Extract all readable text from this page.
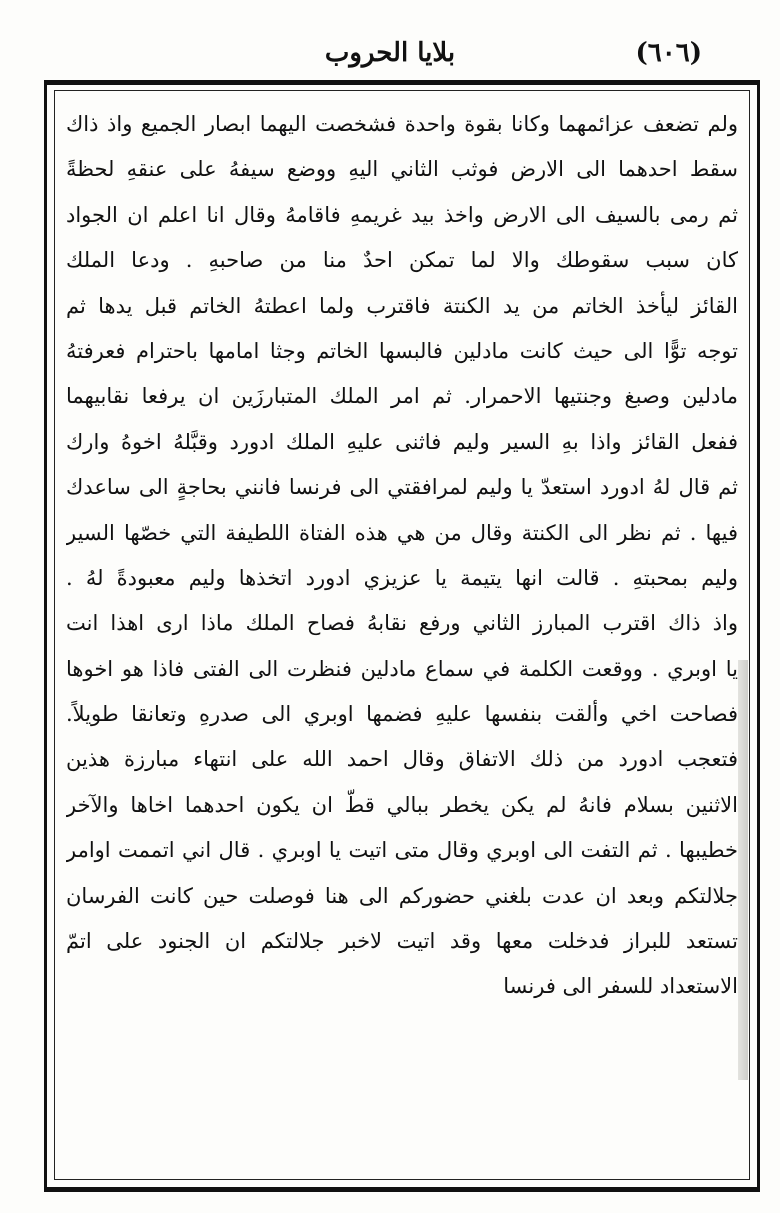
بلايا الحروب	(٦٠٦)
ولم تضعف عزائمهما وكانا بقوة واحدة فشخصت اليهما ابصار الجميع واذ ذاك
سقط احدهما الى الارض فوثب الثاني اليهِ ووضع سيفهُ على عنقهِ لحظةً
ثم رمى بالسيف الى الارض واخذ بيد غريمهِ فاقامهُ وقال انا اعلم ان الجواد
كان سبب سقوطك والا لما تمكن احدٌ منا من صاحبهِ . ودعا الملك
القائز ليأخذ الخاتم من يد الكنتة فاقترب ولما اعطتهُ الخاتم قبل يدها ثم
توجه توًّا الى حيث كانت مادلين فالبسها الخاتم وجثا امامها باحترام فعرفتهُ
مادلين وصبغ وجنتيها الاحمرار. ثم امر الملك المتبارزَين ان يرفعا نقابيهما
ففعل القائز واذا بهِ السير وليم فاثنى عليهِ الملك ادورد وقبَّلهُ اخوهُ وارك
ثم قال لهُ ادورد استعدّ يا وليم لمرافقتي الى فرنسا فانني بحاجةٍ الى ساعدك
فيها . ثم نظر الى الكنتة وقال من هي هذه الفتاة اللطيفة التي خصّها السير
وليم بمحبتهِ . قالت انها يتيمة يا عزيزي ادورد اتخذها وليم معبودةً لهُ .
واذ ذاك اقترب المبارز الثاني ورفع نقابهُ فصاح الملك ماذا ارى اهذا انت
يا اوبري . ووقعت الكلمة في سماع مادلين فنظرت الى الفتى فاذا هو اخوها
فصاحت اخي وألقت بنفسها عليهِ فضمها اوبري الى صدرهِ وتعانقا طويلاً.
فتعجب ادورد من ذلك الاتفاق وقال احمد الله على انتهاء مبارزة هذين
الاثنين بسلام فانهُ لم يكن يخطر ببالي قطّ ان يكون احدهما اخاها والآخر
خطيبها . ثم التفت الى اوبري وقال متى اتيت يا اوبري . قال اني اتممت اوامر
جلالتكم وبعد ان عدت بلغني حضوركم الى هنا فوصلت حين كانت الفرسان
تستعد للبراز فدخلت معها وقد اتيت لاخبر جلالتكم ان الجنود على اتمّ
الاستعداد للسفر الى فرنسا
